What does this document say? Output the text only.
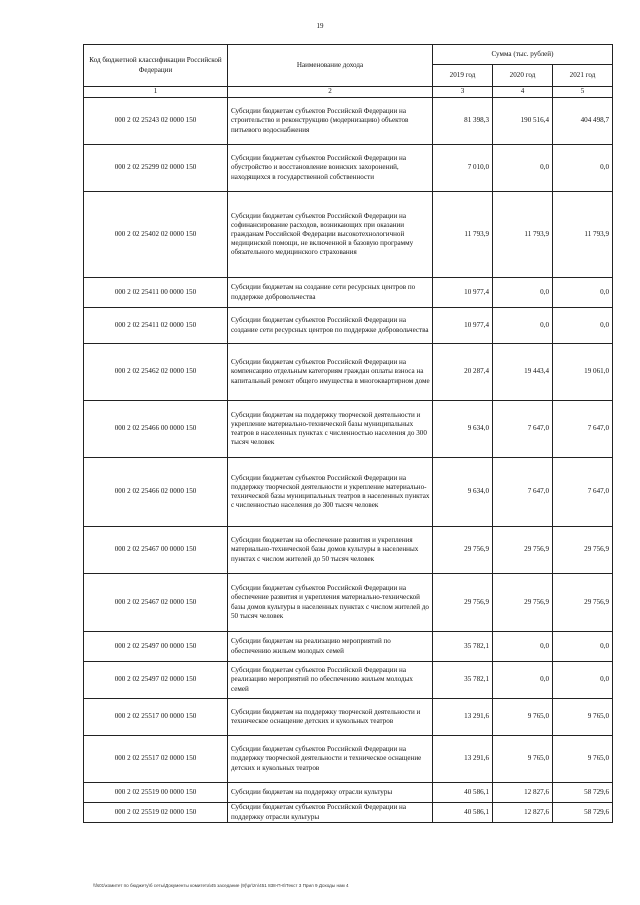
19
Код бюджетной классификации Российской Федерации	Наименование дохода	Сумма (тыс. рублей)		
		2019 год	2020 год	2021 год
1	2	3	4	5
000 2 02 25243 02 0000 150	Субсидии бюджетам субъектов Российской Федерации на строительство и реконструкцию (модернизацию) объектов питьевого водоснабжения	81 398,3	190 516,4	404 498,7
000 2 02 25299 02 0000 150	Субсидии бюджетам субъектов Российской Федерации на обустройство и восстановление воинских захоронений, находящихся в государственной собственности	7 010,0	0,0	0,0
000 2 02 25402 02 0000 150	Субсидии бюджетам субъектов Российской Федерации на софинансирование расходов, возникающих при оказании гражданам Российской Федерации высокотехнологичной медицинской помощи, не включенной в базовую программу обязательного медицинского страхования	11 793,9	11 793,9	11 793,9
000 2 02 25411 00 0000 150	Субсидии бюджетам на создание сети ресурсных центров по поддержке добровольчества	10 977,4	0,0	0,0
000 2 02 25411 02 0000 150	Субсидии бюджетам субъектов Российской Федерации на создание сети ресурсных центров по поддержке добровольчества	10 977,4	0,0	0,0
000 2 02 25462 02 0000 150	Субсидии бюджетам субъектов Российской Федерации на компенсацию отдельным категориям граждан оплаты взноса на капитальный ремонт общего имущества в многоквартирном доме	20 287,4	19 443,4	19 061,0
000 2 02 25466 00 0000 150	Субсидии бюджетам на поддержку творческой деятельности и укрепление материально-технической базы муниципальных театров в населенных пунктах с численностью населения до 300 тысяч человек	9 634,0	7 647,0	7 647,0
000 2 02 25466 02 0000 150	Субсидии бюджетам субъектов Российской Федерации на поддержку творческой деятельности и укрепление материально-технической базы муниципальных театров в населенных пунктах с численностью населения до 300 тысяч человек	9 634,0	7 647,0	7 647,0
000 2 02 25467 00 0000 150	Субсидии бюджетам на обеспечение развития и укрепления материально-технической базы домов культуры в населенных пунктах с числом жителей до 50 тысяч человек	29 756,9	29 756,9	29 756,9
000 2 02 25467 02 0000 150	Субсидии бюджетам субъектов Российской Федерации на обеспечение развития и укрепления материально-технической базы домов культуры в населенных пунктах с числом жителей до 50 тысяч человек	29 756,9	29 756,9	29 756,9
000 2 02 25497 00 0000 150	Субсидии бюджетам на реализацию мероприятий по обеспечению жильем молодых семей	35 782,1	0,0	0,0
000 2 02 25497 02 0000 150	Субсидии бюджетам субъектов Российской Федерации на реализацию мероприятий по обеспечению жильем молодых семей	35 782,1	0,0	0,0
000 2 02 25517 00 0000 150	Субсидии бюджетам на поддержку творческой деятельности и техническое оснащение детских и кукольных театров	13 291,6	9 765,0	9 765,0
000 2 02 25517 02 0000 150	Субсидии бюджетам субъектов Российской Федерации на поддержку творческой деятельности и техническое оснащение детских и кукольных театров	13 291,6	9 765,0	9 765,0
000 2 02 25519 00 0000 150	Субсидии бюджетам на поддержку отрасли культуры	40 586,1	12 827,6	58 729,6
000 2 02 25519 02 0000 150	Субсидии бюджетам субъектов Российской Федерации на поддержку отрасли культуры	40 586,1	12 827,6	58 729,6
\\fs01\комитет по бюджету\б сеты\Документы комитета\45 заседание (9)\pr\zn\451 838-П-6\Текст 3 Прил 9 Доходы нам 4
